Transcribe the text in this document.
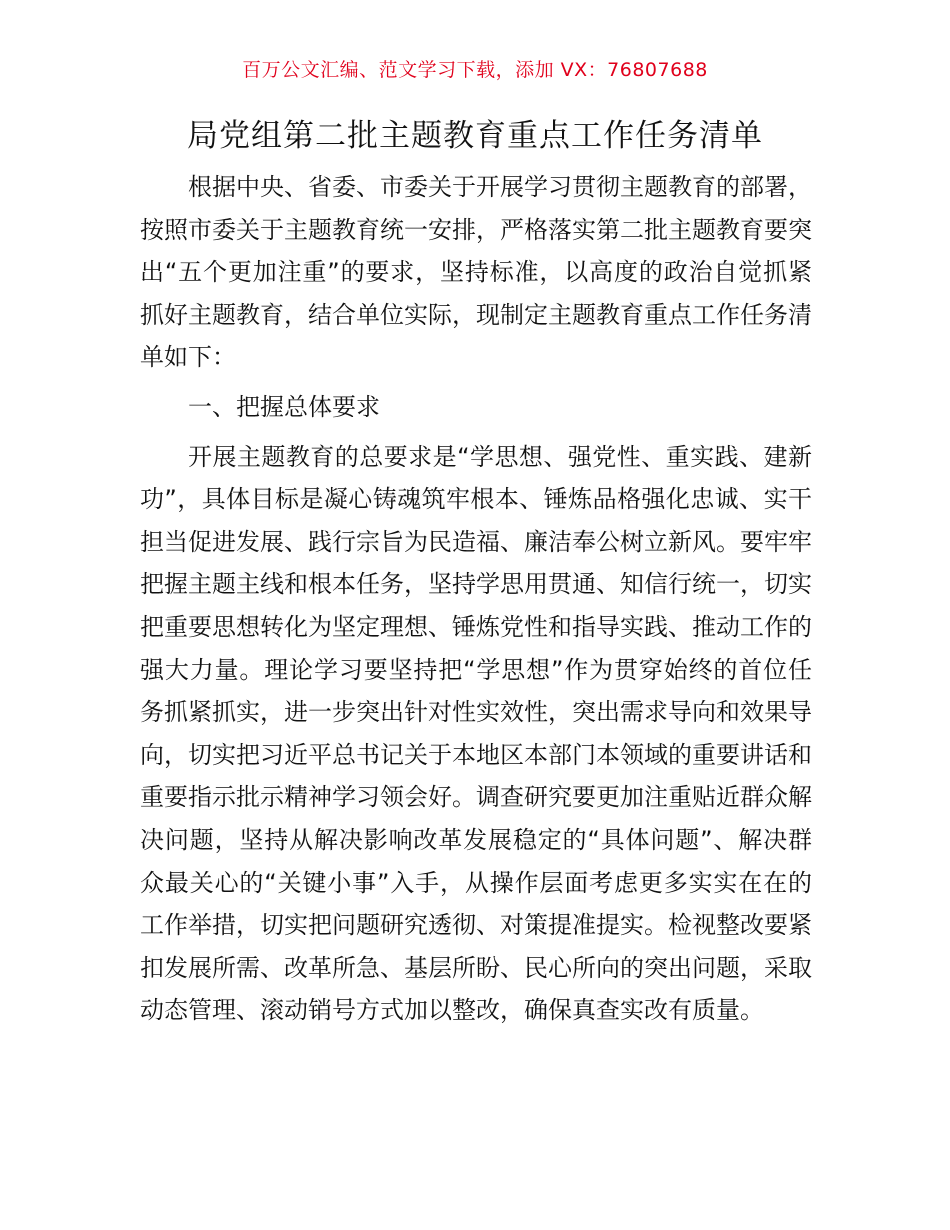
百万公文汇编、范文学习下载，添加 VX：76807688
局党组第二批主题教育重点工作任务清单

根据中央、省委、市委关于开展学习贯彻主题教育的部署，按照市委关于主题教育统一安排，严格落实第二批主题教育要突出“五个更加注重”的要求，坚持标准，以高度的政治自觉抓紧抓好主题教育，结合单位实际，现制定主题教育重点工作任务清单如下：

一、把握总体要求

开展主题教育的总要求是“学思想、强党性、重实践、建新功”，具体目标是凝心铸魂筑牢根本、锤炼品格强化忠诚、实干担当促进发展、践行宗旨为民造福、廉洁奉公树立新风。要牢牢把握主题主线和根本任务，坚持学思用贯通、知信行统一，切实把重要思想转化为坚定理想、锤炼党性和指导实践、推动工作的强大力量。理论学习要坚持把“学思想”作为贯穿始终的首位任务抓紧抓实，进一步突出针对性实效性，突出需求导向和效果导向，切实把习近平总书记关于本地区本部门本领域的重要讲话和重要指示批示精神学习领会好。调查研究要更加注重贴近群众解决问题，坚持从解决影响改革发展稳定的“具体问题”、解决群众最关心的“关键小事”入手，从操作层面考虑更多实实在在的工作举措，切实把问题研究透彻、对策提准提实。检视整改要紧扣发展所需、改革所急、基层所盼、民心所向的突出问题，采取动态管理、滚动销号方式加以整改，确保真查实改有质量。
